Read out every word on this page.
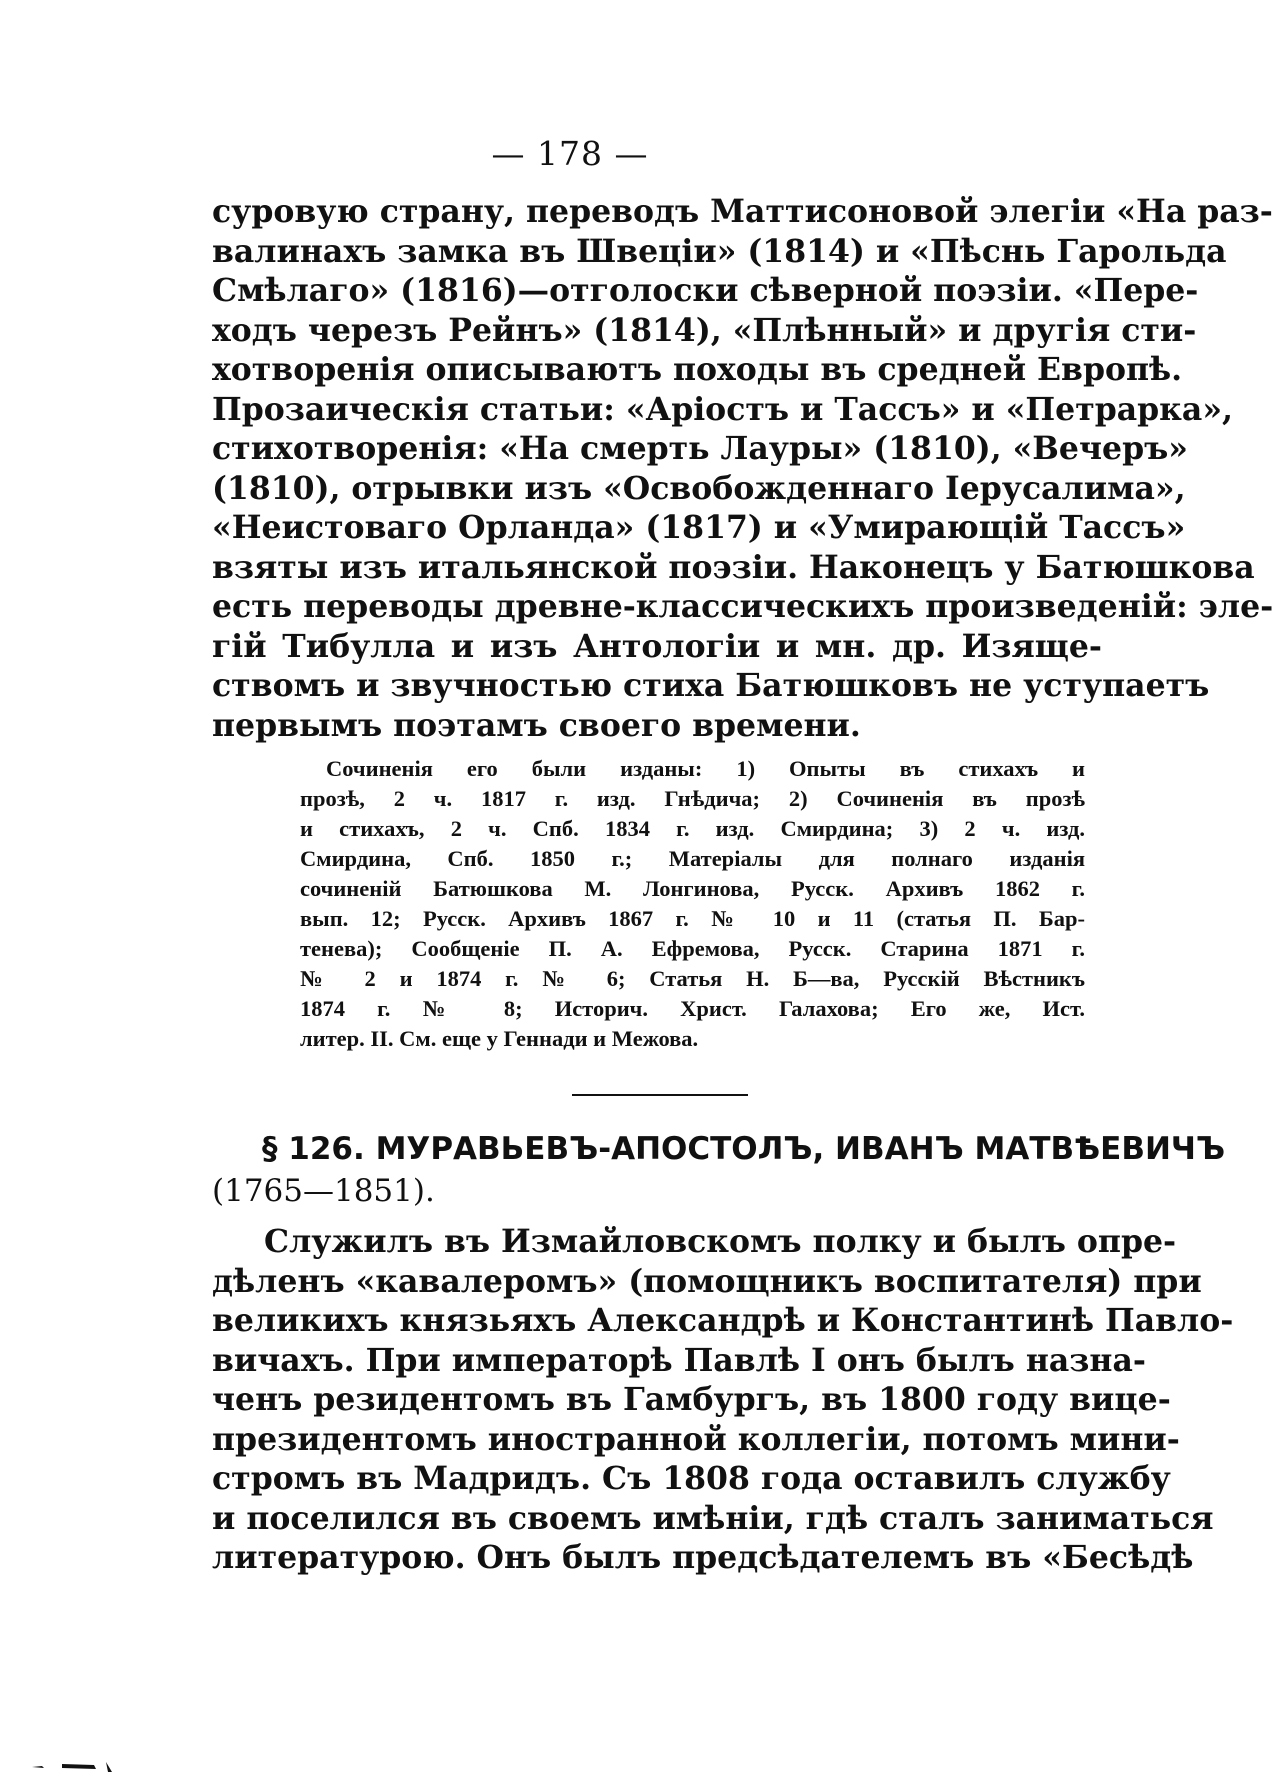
— 178 —
суровую страну, переводъ Маттисоновой элегіи «На раз-
валинахъ замка въ Швеціи» (1814) и «Пѣснь Гарольда
Смѣлаго» (1816)—отголоски сѣверной поэзіи. «Пере-
ходъ черезъ Рейнъ» (1814), «Плѣнный» и другія сти-
хотворенія описываютъ походы въ средней Европѣ.
Прозаическія статьи: «Аріостъ и Тассъ» и «Петрарка»,
стихотворенія: «На смерть Лауры» (1810), «Вечеръ»
(1810), отрывки изъ «Освобожденнаго Іерусалима»,
«Неистоваго Орланда» (1817) и «Умирающій Тассъ»
взяты изъ итальянской поэзіи. Наконецъ у Батюшкова
есть переводы древне-классическихъ произведеній: эле-
гій Тибулла и изъ Антологіи и мн. др. Изяще-
ствомъ и звучностью стиха Батюшковъ не уступаетъ
первымъ поэтамъ своего времени.
Сочиненія его были изданы: 1) Опыты въ стихахъ и
прозѣ, 2 ч. 1817 г. изд. Гнѣдича; 2) Сочиненія въ прозѣ
и стихахъ, 2 ч. Спб. 1834 г. изд. Смирдина; 3) 2 ч. изд.
Смирдина, Спб. 1850 г.; Матеріалы для полнаго изданія
сочиненій Батюшкова М. Лонгинова, Русск. Архивъ 1862 г.
вып. 12; Русск. Архивъ 1867 г. № 10 и 11 (статья П. Бар-
тенева); Сообщеніе П. А. Ефремова, Русск. Старина 1871 г.
№ 2 и 1874 г. № 6; Статья Н. Б—ва, Русскій Вѣстникъ
1874 г. № 8; Историч. Христ. Галахова; Его же, Ист.
литер. II. См. еще у Геннади и Межова.
§ 126. МУРАВЬЕВЪ-АПОСТОЛЪ, ИВАНЪ МАТВѢЕВИЧЪ
(1765—1851).
Служилъ въ Измайловскомъ полку и былъ опре-
дѣленъ «кавалеромъ» (помощникъ воспитателя) при
великихъ князьяхъ Александрѣ и Константинѣ Павло-
вичахъ. При императорѣ Павлѣ I онъ былъ назна-
ченъ резидентомъ въ Гамбургъ, въ 1800 году вице-
президентомъ иностранной коллегіи, потомъ мини-
стромъ въ Мадридъ. Съ 1808 года оставилъ службу
и поселился въ своемъ имѣніи, гдѣ сталъ заниматься
литературою. Онъ былъ предсѣдателемъ въ «Бесѣдѣ
